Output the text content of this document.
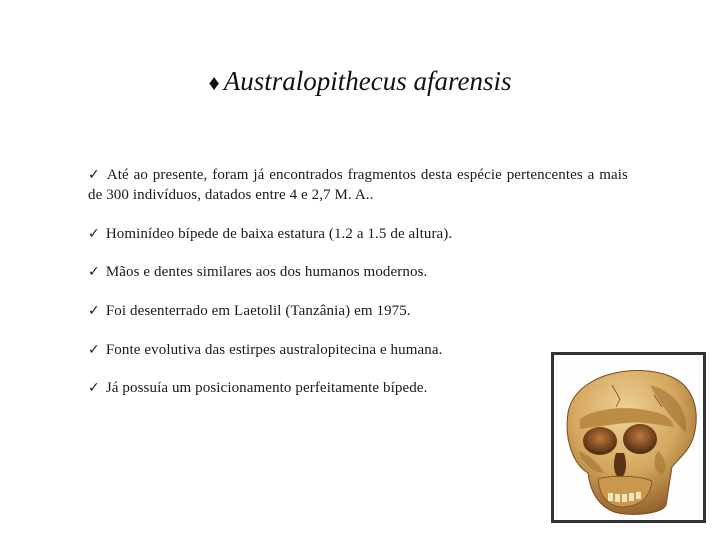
♦ Australopithecus afarensis
✓ Até ao presente, foram já encontrados fragmentos desta espécie pertencentes a mais de 300 indivíduos, datados entre 4 e 2,7 M. A..
✓ Hominídeo bípede de baixa estatura (1.2 a 1.5 de altura).
✓ Mãos e dentes similares aos dos humanos modernos.
✓ Foi desenterrado em Laetolil (Tanzânia) em 1975.
✓ Fonte evolutiva das estirpes australopitecina e humana.
✓ Já possuía um posicionamento perfeitamente bípede.
